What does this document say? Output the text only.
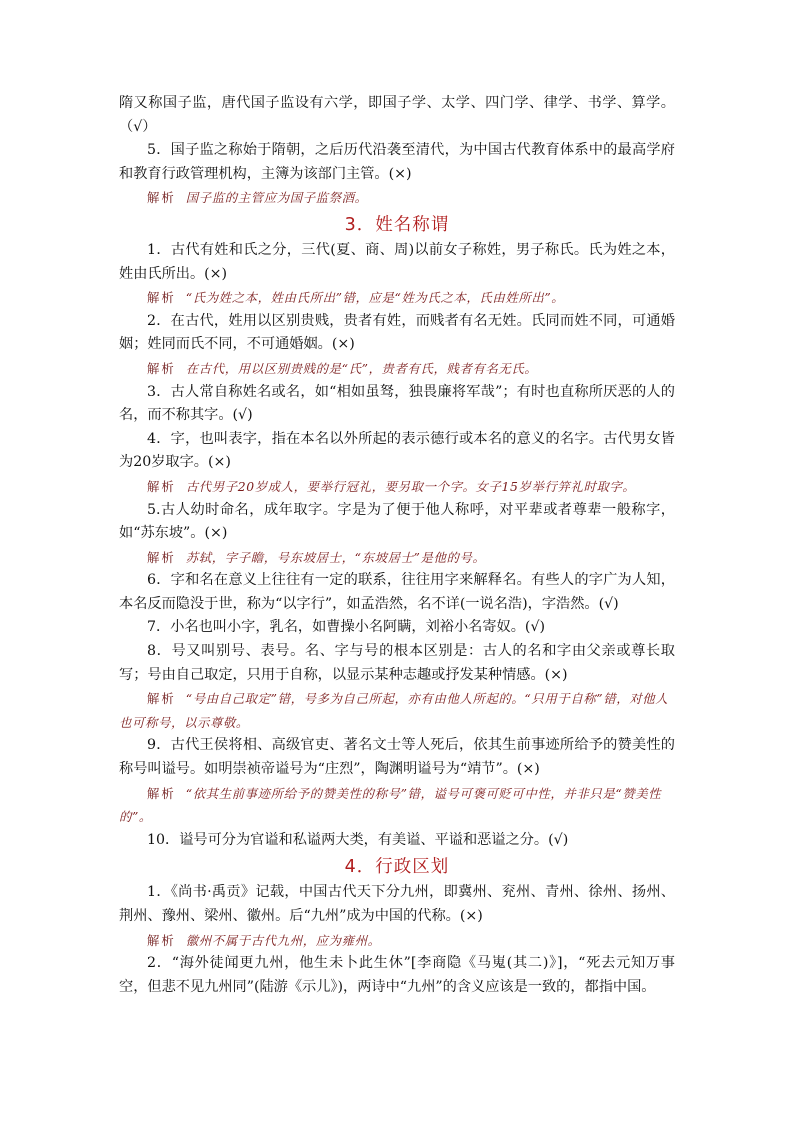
隋又称国子监，唐代国子监设有六学，即国子学、太学、四门学、律学、书学、算学。（√）

5．国子监之称始于隋朝，之后历代沿袭至清代，为中国古代教育体系中的最高学府和教育行政管理机构，主簿为该部门主管。(×)

解析 国子监的主管应为国子监祭酒。

3．姓名称谓

1．古代有姓和氏之分，三代(夏、商、周)以前女子称姓，男子称氏。氏为姓之本，姓由氏所出。(×)

解析 “氏为姓之本，姓由氏所出”错，应是“姓为氏之本，氏由姓所出”。

2．在古代，姓用以区别贵贱，贵者有姓，而贱者有名无姓。氏同而姓不同，可通婚姻；姓同而氏不同，不可通婚姻。(×)

解析 在古代，用以区别贵贱的是“氏”，贵者有氏，贱者有名无氏。

3．古人常自称姓名或名，如“相如虽驽，独畏廉将军哉”；有时也直称所厌恶的人的名，而不称其字。(√)

4．字，也叫表字，指在本名以外所起的表示德行或本名的意义的名字。古代男女皆为20岁取字。(×)

解析 古代男子20岁成人，要举行冠礼，要另取一个字。女子15岁举行笄礼时取字。

5.古人幼时命名，成年取字。字是为了便于他人称呼，对平辈或者尊辈一般称字，如“苏东坡”。(×)

解析 苏轼，字子瞻，号东坡居士，“东坡居士”是他的号。

6．字和名在意义上往往有一定的联系，往往用字来解释名。有些人的字广为人知，本名反而隐没于世，称为“以字行”，如孟浩然，名不详(一说名浩)，字浩然。(√)

7．小名也叫小字，乳名，如曹操小名阿瞒，刘裕小名寄奴。(√)

8．号又叫别号、表号。名、字与号的根本区别是：古人的名和字由父亲或尊长取写；号由自己取定，只用于自称，以显示某种志趣或抒发某种情感。(×)

解析 “号由自己取定”错，号多为自己所起，亦有由他人所起的。“只用于自称”错，对他人也可称号，以示尊敬。

9．古代王侯将相、高级官吏、著名文士等人死后，依其生前事迹所给予的赞美性的称号叫谥号。如明崇祯帝谥号为“庄烈”，陶渊明谥号为“靖节”。(×)

解析 “依其生前事迹所给予的赞美性的称号”错，谥号可褒可贬可中性，并非只是“赞美性的”。

10．谥号可分为官谥和私谥两大类，有美谥、平谥和恶谥之分。(√)

4．行政区划

1．《尚书·禹贡》记载，中国古代天下分九州，即冀州、兖州、青州、徐州、扬州、荆州、豫州、梁州、徽州。后“九州”成为中国的代称。(×)

解析 徽州不属于古代九州，应为雍州。

2．“海外徒闻更九州，他生未卜此生休”[李商隐《马嵬(其二)》]，“死去元知万事空，但悲不见九州同”(陆游《示儿》)，两诗中“九州”的含义应该是一致的，都指中国。
